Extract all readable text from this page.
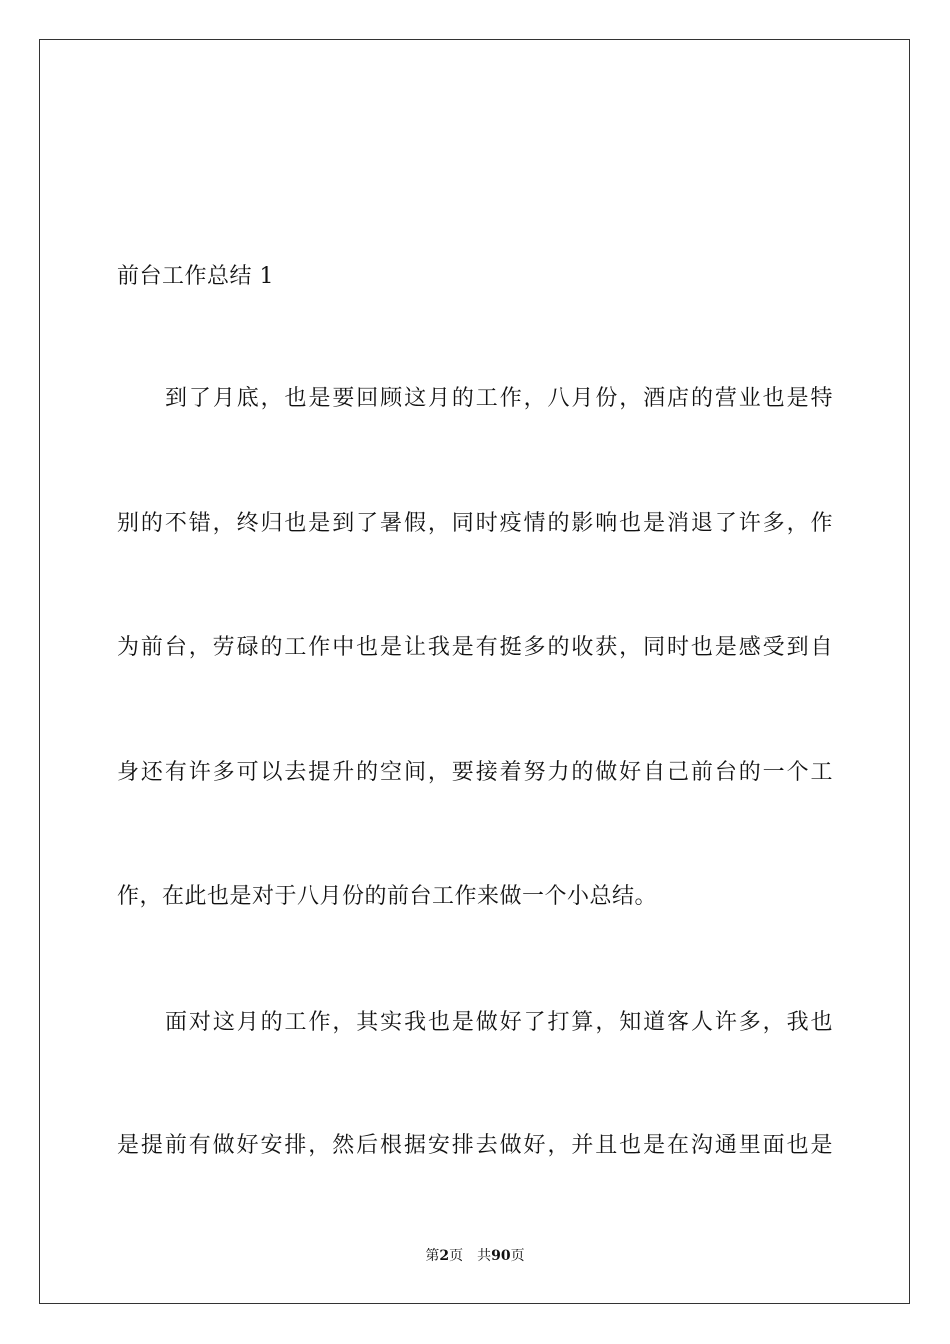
前台工作总结 1
到了月底，也是要回顾这月的工作，八月份，酒店的营业也是特
别的不错，终归也是到了暑假，同时疫情的影响也是消退了许多，作
为前台，劳碌的工作中也是让我是有挺多的收获，同时也是感受到自
身还有许多可以去提升的空间，要接着努力的做好自己前台的一个工
作，在此也是对于八月份的前台工作来做一个小总结。
面对这月的工作，其实我也是做好了打算，知道客人许多，我也
是提前有做好安排，然后根据安排去做好，并且也是在沟通里面也是
第2页 共90页
